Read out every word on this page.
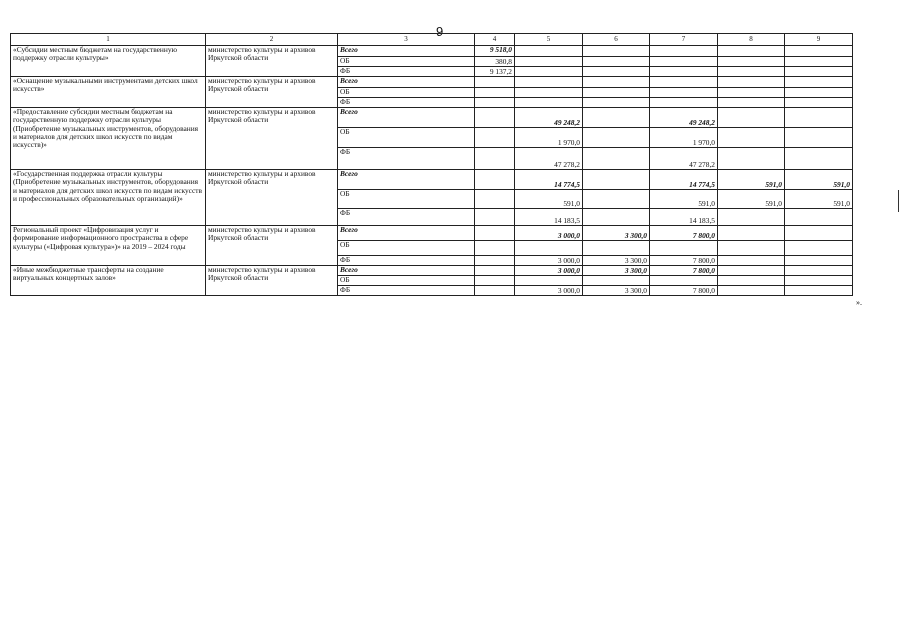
9
1	2	3	4	5	6	7	8	9
«Субсидии местным бюджетам на государственную поддержку отрасли культуры»	министерство культуры и архивов Иркутской области	Всего	9 518,0					
		ОБ	380,8					
		ФБ	9 137,2					
«Оснащение музыкальными инструментами детских школ искусств»	министерство культуры и архивов Иркутской области	Всего						
		ОБ						
		ФБ						
«Предоставление субсидии местным бюджетам на государственную поддержку отрасли культуры (Приобретение музыкальных инструментов, оборудования и материалов для детских школ искусств по видам искусств)»	министерство культуры и архивов Иркутской области	Всего		49 248,2		49 248,2		
		ОБ		1 970,0		1 970,0		
		ФБ		47 278,2		47 278,2		
«Государственная поддержка отрасли культуры (Приобретение музыкальных инструментов, оборудования и материалов для детских школ искусств по видам искусств и профессиональных образовательных организаций)»	министерство культуры и архивов Иркутской области	Всего		14 774,5		14 774,5	591,0	591,0
		ОБ		591,0		591,0	591,0	591,0
		ФБ		14 183,5		14 183,5		
Региональный проект «Цифровизация услуг и формирование информационного пространства в сфере культуры («Цифровая культура»)» на 2019 – 2024 годы	министерство культуры и архивов Иркутской области	Всего		3 000,0	3 300,0	7 800,0		
		ОБ						
		ФБ		3 000,0	3 300,0	7 800,0		
«Иные межбюджетные трансферты на создание виртуальных концертных залов»	министерство культуры и архивов Иркутской области	Всего		3 000,0	3 300,0	7 800,0		
		ОБ						
		ФБ		3 000,0	3 300,0	7 800,0		
».
